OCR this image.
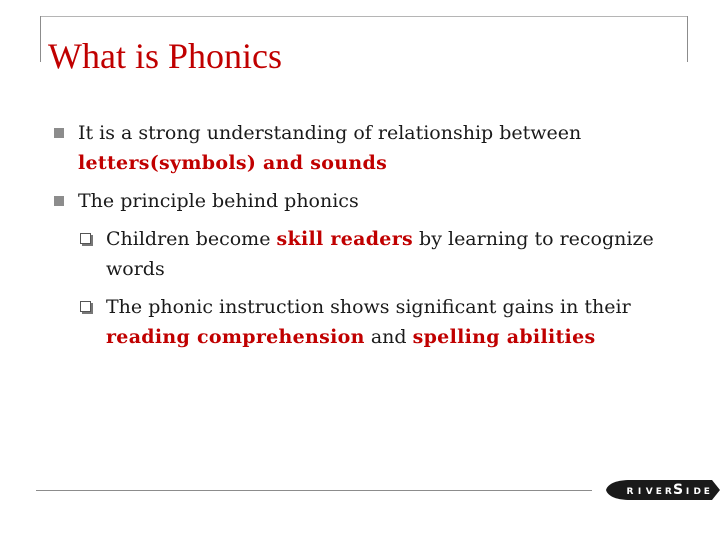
What is Phonics
It is a strong understanding of relationship between letters(symbols) and sounds
The principle behind phonics
Children become skill readers by learning to recognize words
The phonic instruction shows significant gains in their reading comprehension and spelling abilities
R I V E R S I D E
